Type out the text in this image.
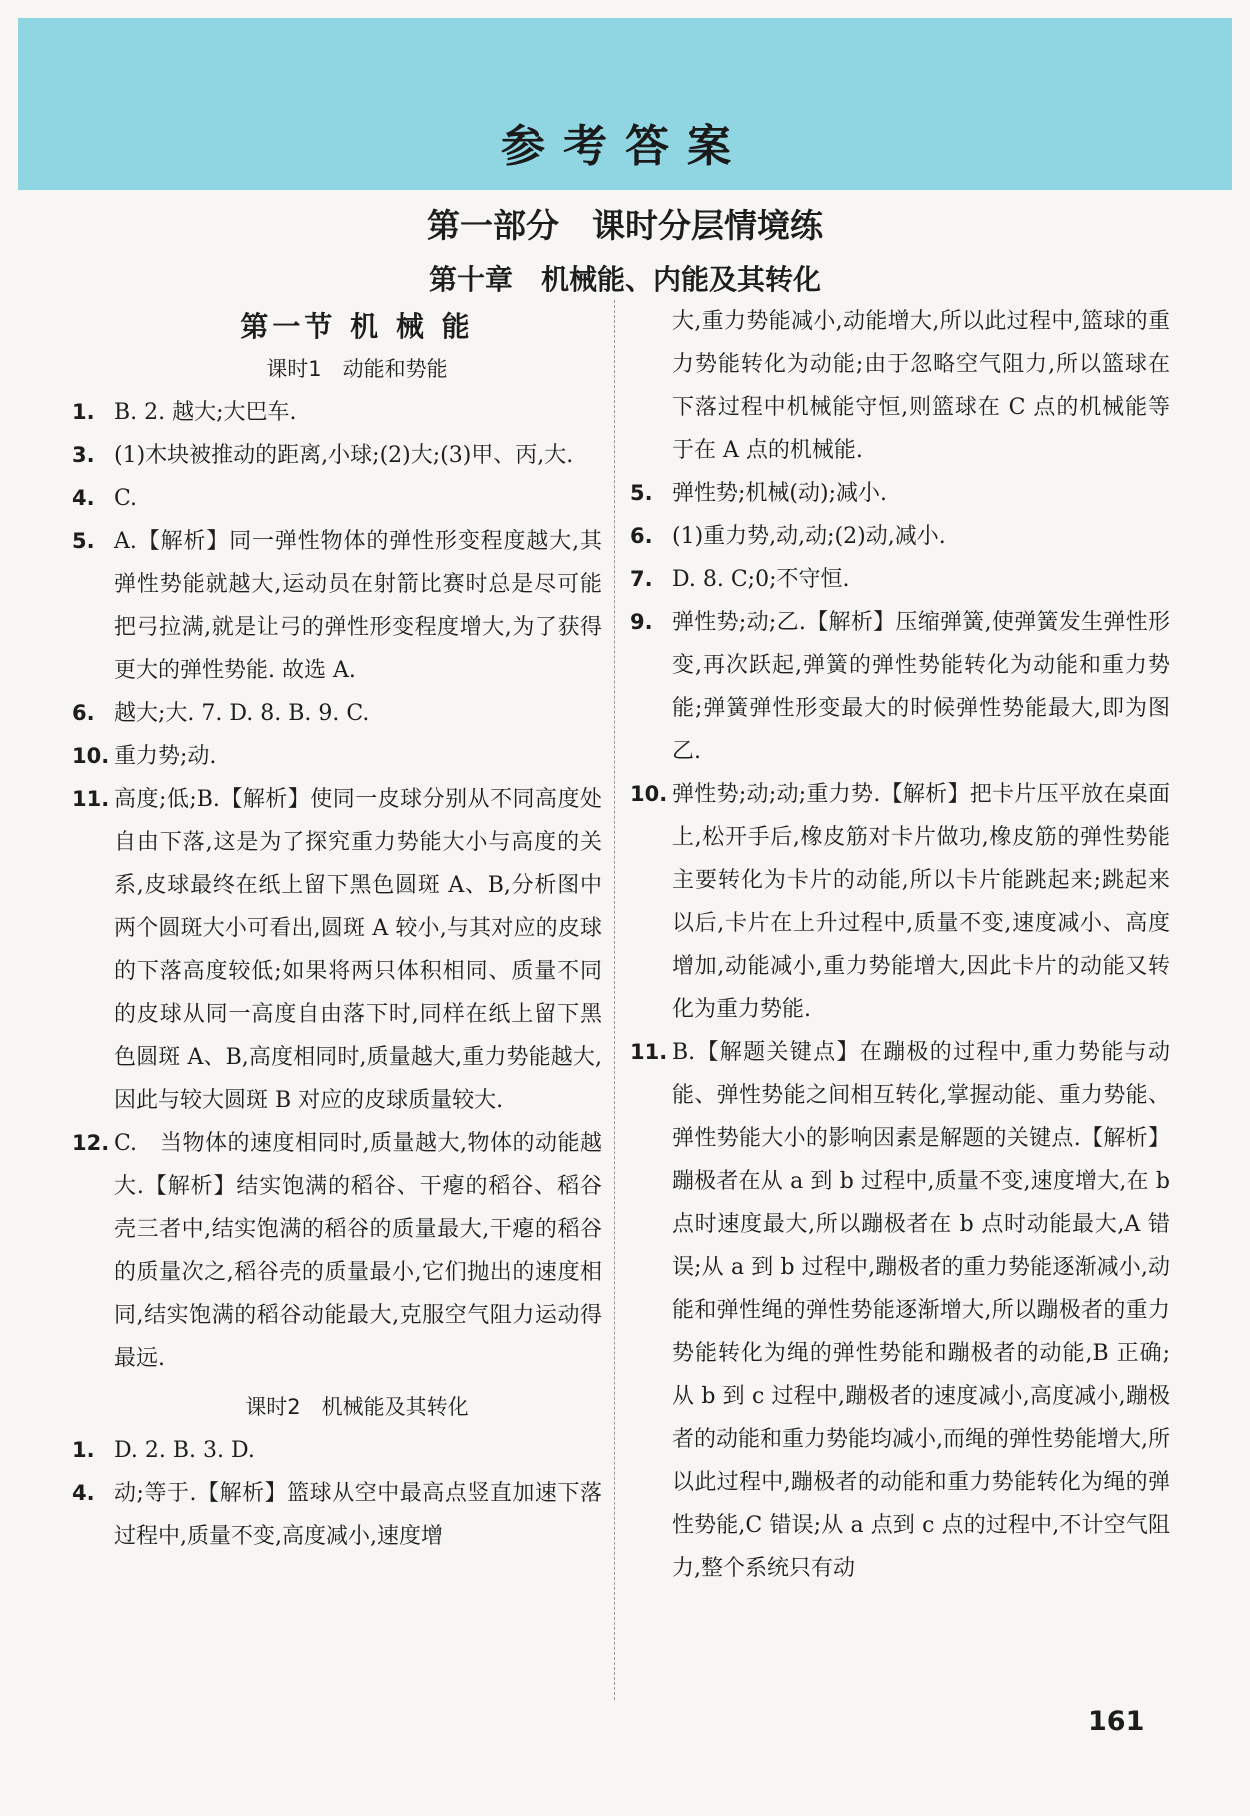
参考答案
第一部分　课时分层情境练
第十章　机械能、内能及其转化
第一节 机 械 能
课时1　动能和势能
1. B. 2. 越大;大巴车.
3. (1)木块被推动的距离,小球;(2)大;(3)甲、丙,大.
4. C.
5. A.【解析】同一弹性物体的弹性形变程度越大,其弹性势能就越大,运动员在射箭比赛时总是尽可能把弓拉满,就是让弓的弹性形变程度增大,为了获得更大的弹性势能. 故选 A.
6. 越大;大. 7. D. 8. B. 9. C.
10. 重力势;动.
11. 高度;低;B.【解析】使同一皮球分别从不同高度处自由下落,这是为了探究重力势能大小与高度的关系,皮球最终在纸上留下黑色圆斑 A、B,分析图中两个圆斑大小可看出,圆斑 A 较小,与其对应的皮球的下落高度较低;如果将两只体积相同、质量不同的皮球从同一高度自由落下时,同样在纸上留下黑色圆斑 A、B,高度相同时,质量越大,重力势能越大,因此与较大圆斑 B 对应的皮球质量较大.
12. C.　当物体的速度相同时,质量越大,物体的动能越大.【解析】结实饱满的稻谷、干瘪的稻谷、稻谷壳三者中,结实饱满的稻谷的质量最大,干瘪的稻谷的质量次之,稻谷壳的质量最小,它们抛出的速度相同,结实饱满的稻谷动能最大,克服空气阻力运动得最远.
课时2　机械能及其转化
1. D. 2. B. 3. D.
4. 动;等于.【解析】篮球从空中最高点竖直加速下落过程中,质量不变,高度减小,速度增
大,重力势能减小,动能增大,所以此过程中,篮球的重力势能转化为动能;由于忽略空气阻力,所以篮球在下落过程中机械能守恒,则篮球在 C 点的机械能等于在 A 点的机械能.
5. 弹性势;机械(动);减小.
6. (1)重力势,动,动;(2)动,减小.
7. D. 8. C;0;不守恒.
9. 弹性势;动;乙.【解析】压缩弹簧,使弹簧发生弹性形变,再次跃起,弹簧的弹性势能转化为动能和重力势能;弹簧弹性形变最大的时候弹性势能最大,即为图乙.
10. 弹性势;动;动;重力势.【解析】把卡片压平放在桌面上,松开手后,橡皮筋对卡片做功,橡皮筋的弹性势能主要转化为卡片的动能,所以卡片能跳起来;跳起来以后,卡片在上升过程中,质量不变,速度减小、高度增加,动能减小,重力势能增大,因此卡片的动能又转化为重力势能.
11. B.【解题关键点】在蹦极的过程中,重力势能与动能、弹性势能之间相互转化,掌握动能、重力势能、弹性势能大小的影响因素是解题的关键点.【解析】蹦极者在从 a 到 b 过程中,质量不变,速度增大,在 b 点时速度最大,所以蹦极者在 b 点时动能最大,A 错误;从 a 到 b 过程中,蹦极者的重力势能逐渐减小,动能和弹性绳的弹性势能逐渐增大,所以蹦极者的重力势能转化为绳的弹性势能和蹦极者的动能,B 正确;从 b 到 c 过程中,蹦极者的速度减小,高度减小,蹦极者的动能和重力势能均减小,而绳的弹性势能增大,所以此过程中,蹦极者的动能和重力势能转化为绳的弹性势能,C 错误;从 a 点到 c 点的过程中,不计空气阻力,整个系统只有动
161
